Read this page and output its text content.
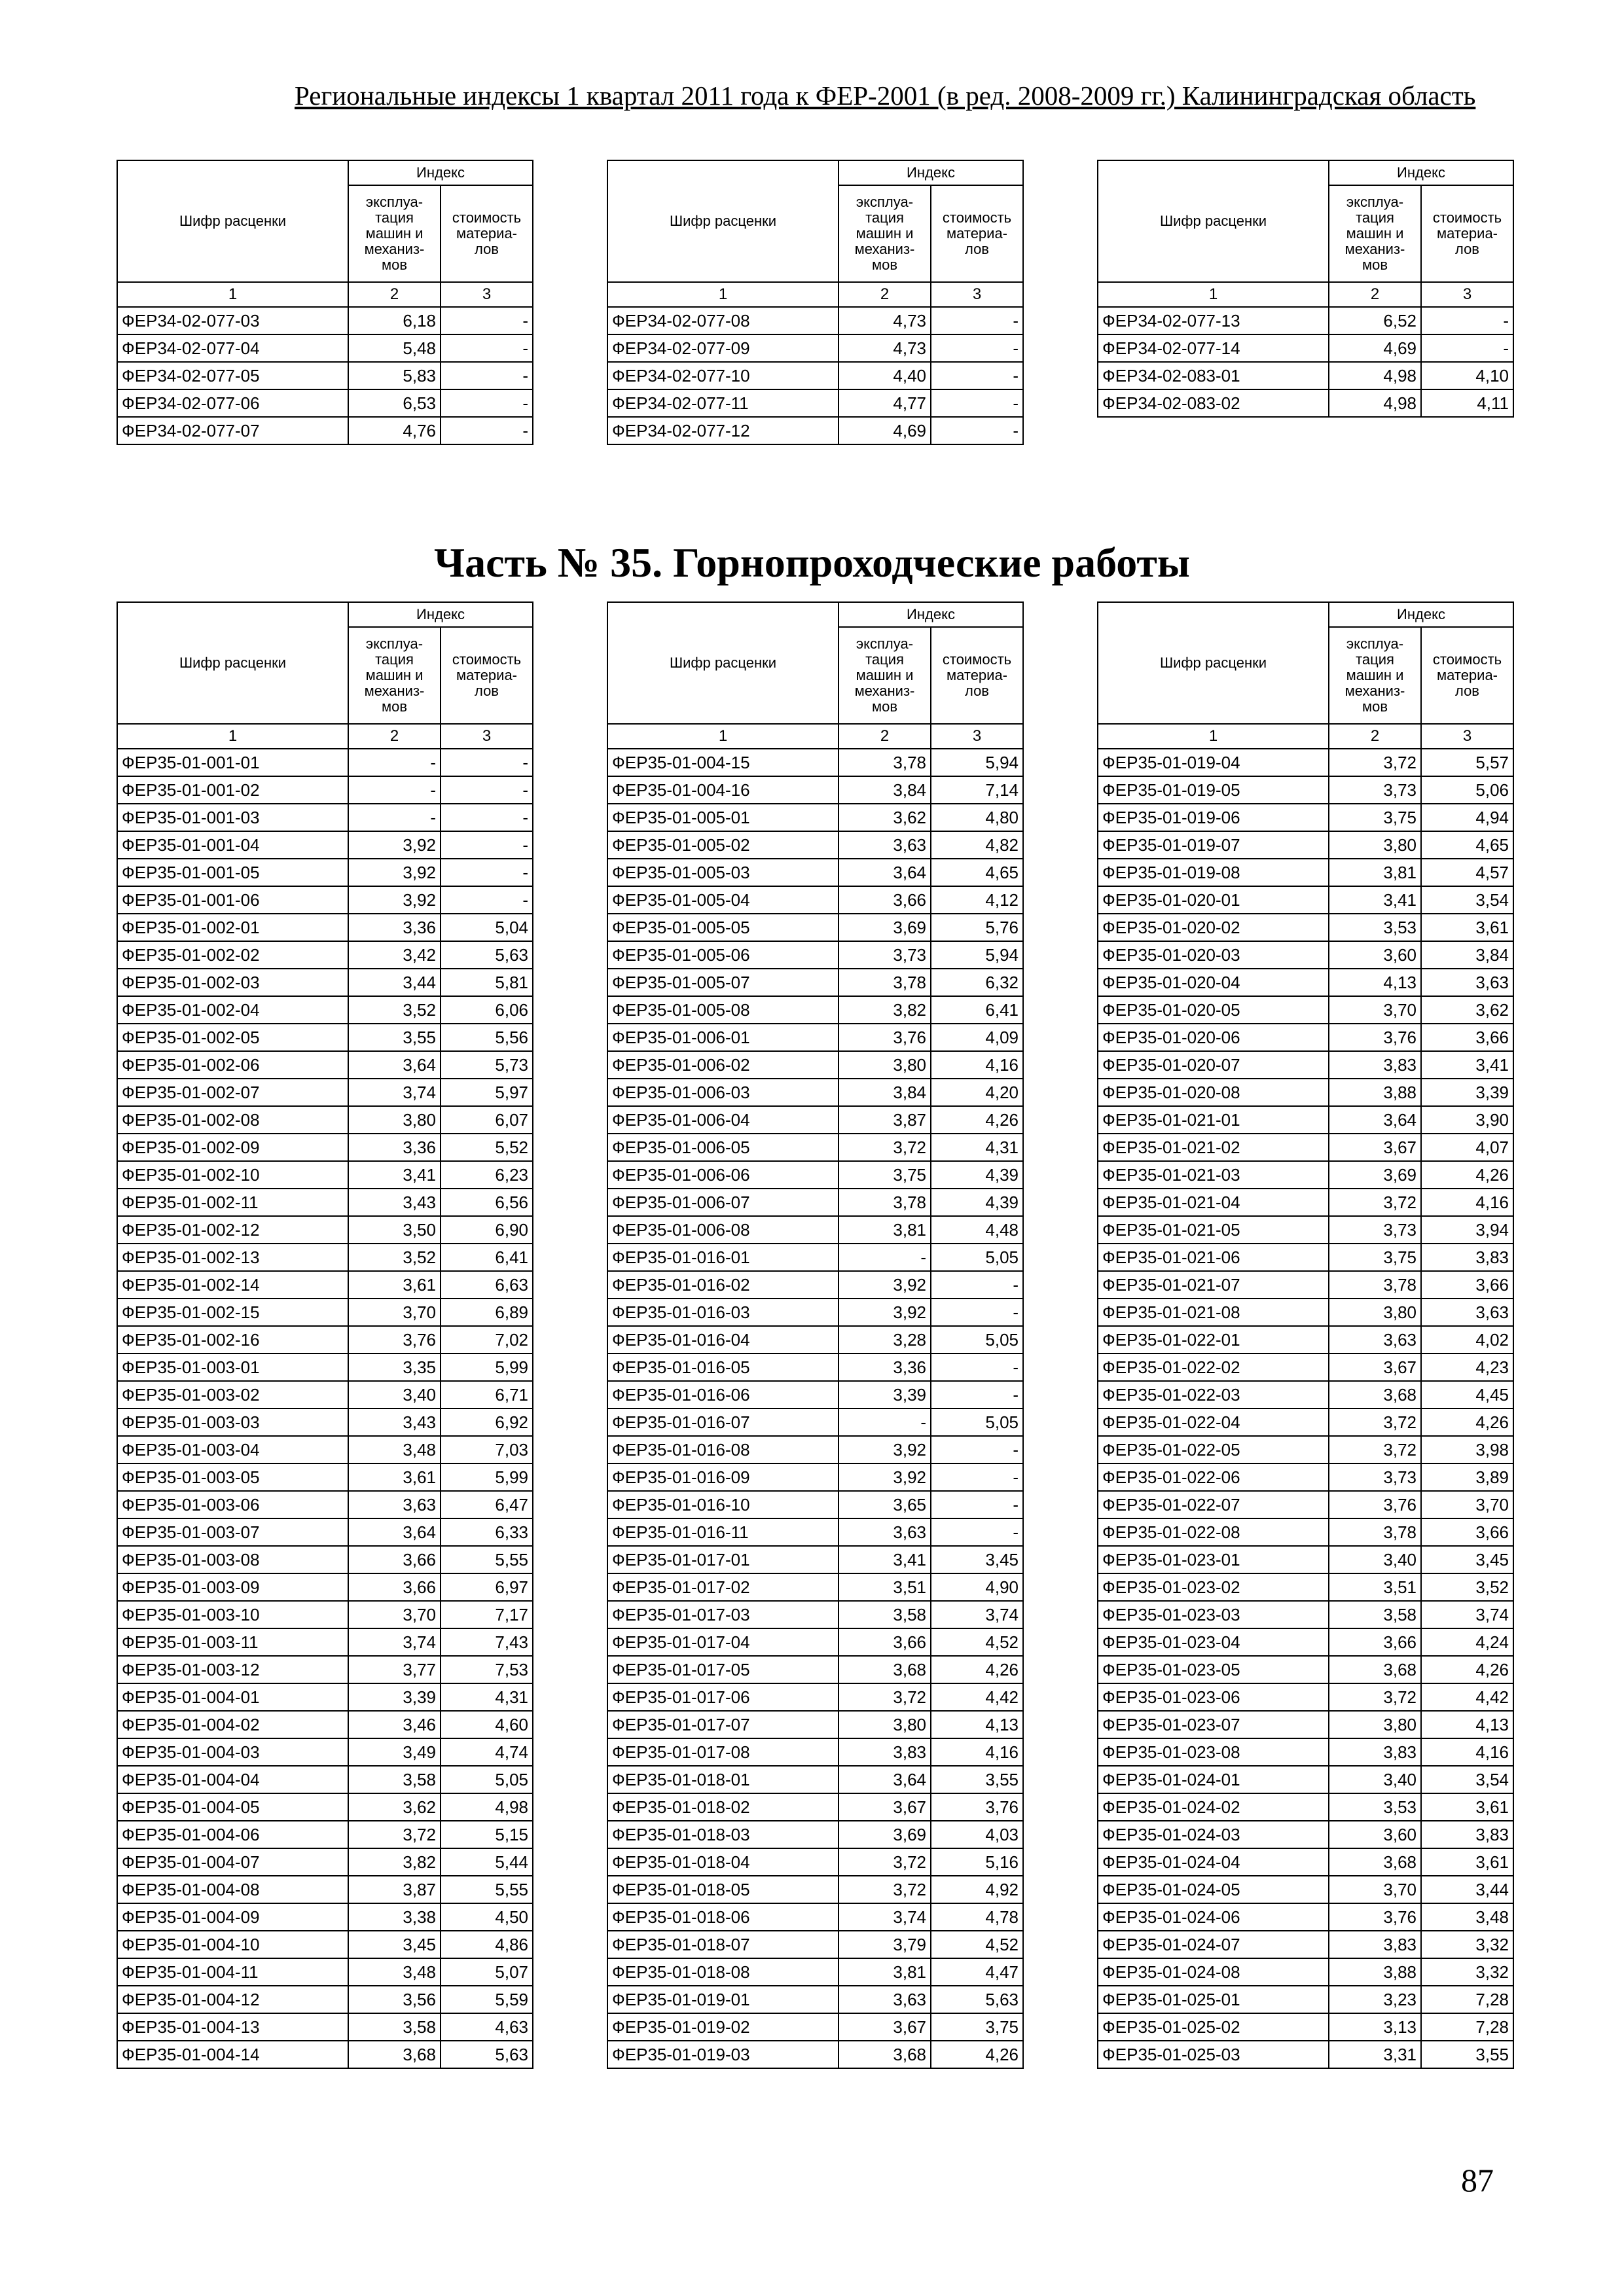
Региональные индексы 1 квартал 2011 года к ФЕР-2001 (в ред. 2008-2009 гг.) Калининградская область
Шифр расценки	Индекс	
	эксплуа-тация машин и механиз-мов	стоимость материа-лов
1	2	3
ФЕР34-02-077-03	6,18	-
ФЕР34-02-077-04	5,48	-
ФЕР34-02-077-05	5,83	-
ФЕР34-02-077-06	6,53	-
ФЕР34-02-077-07	4,76	-
Шифр расценки	Индекс	
	эксплуа-тация машин и механиз-мов	стоимость материа-лов
1	2	3
ФЕР34-02-077-08	4,73	-
ФЕР34-02-077-09	4,73	-
ФЕР34-02-077-10	4,40	-
ФЕР34-02-077-11	4,77	-
ФЕР34-02-077-12	4,69	-
Шифр расценки	Индекс	
	эксплуа-тация машин и механиз-мов	стоимость материа-лов
1	2	3
ФЕР34-02-077-13	6,52	-
ФЕР34-02-077-14	4,69	-
ФЕР34-02-083-01	4,98	4,10
ФЕР34-02-083-02	4,98	4,11
Часть № 35. Горнопроходческие работы
Шифр расценки	Индекс	
	эксплуа-тация машин и механиз-мов	стоимость материа-лов
1	2	3
ФЕР35-01-001-01	-	-
ФЕР35-01-001-02	-	-
ФЕР35-01-001-03	-	-
ФЕР35-01-001-04	3,92	-
ФЕР35-01-001-05	3,92	-
ФЕР35-01-001-06	3,92	-
ФЕР35-01-002-01	3,36	5,04
ФЕР35-01-002-02	3,42	5,63
ФЕР35-01-002-03	3,44	5,81
ФЕР35-01-002-04	3,52	6,06
ФЕР35-01-002-05	3,55	5,56
ФЕР35-01-002-06	3,64	5,73
ФЕР35-01-002-07	3,74	5,97
ФЕР35-01-002-08	3,80	6,07
ФЕР35-01-002-09	3,36	5,52
ФЕР35-01-002-10	3,41	6,23
ФЕР35-01-002-11	3,43	6,56
ФЕР35-01-002-12	3,50	6,90
ФЕР35-01-002-13	3,52	6,41
ФЕР35-01-002-14	3,61	6,63
ФЕР35-01-002-15	3,70	6,89
ФЕР35-01-002-16	3,76	7,02
ФЕР35-01-003-01	3,35	5,99
ФЕР35-01-003-02	3,40	6,71
ФЕР35-01-003-03	3,43	6,92
ФЕР35-01-003-04	3,48	7,03
ФЕР35-01-003-05	3,61	5,99
ФЕР35-01-003-06	3,63	6,47
ФЕР35-01-003-07	3,64	6,33
ФЕР35-01-003-08	3,66	5,55
ФЕР35-01-003-09	3,66	6,97
ФЕР35-01-003-10	3,70	7,17
ФЕР35-01-003-11	3,74	7,43
ФЕР35-01-003-12	3,77	7,53
ФЕР35-01-004-01	3,39	4,31
ФЕР35-01-004-02	3,46	4,60
ФЕР35-01-004-03	3,49	4,74
ФЕР35-01-004-04	3,58	5,05
ФЕР35-01-004-05	3,62	4,98
ФЕР35-01-004-06	3,72	5,15
ФЕР35-01-004-07	3,82	5,44
ФЕР35-01-004-08	3,87	5,55
ФЕР35-01-004-09	3,38	4,50
ФЕР35-01-004-10	3,45	4,86
ФЕР35-01-004-11	3,48	5,07
ФЕР35-01-004-12	3,56	5,59
ФЕР35-01-004-13	3,58	4,63
ФЕР35-01-004-14	3,68	5,63
Шифр расценки	Индекс	
	эксплуа-тация машин и механиз-мов	стоимость материа-лов
1	2	3
ФЕР35-01-004-15	3,78	5,94
ФЕР35-01-004-16	3,84	7,14
ФЕР35-01-005-01	3,62	4,80
ФЕР35-01-005-02	3,63	4,82
ФЕР35-01-005-03	3,64	4,65
ФЕР35-01-005-04	3,66	4,12
ФЕР35-01-005-05	3,69	5,76
ФЕР35-01-005-06	3,73	5,94
ФЕР35-01-005-07	3,78	6,32
ФЕР35-01-005-08	3,82	6,41
ФЕР35-01-006-01	3,76	4,09
ФЕР35-01-006-02	3,80	4,16
ФЕР35-01-006-03	3,84	4,20
ФЕР35-01-006-04	3,87	4,26
ФЕР35-01-006-05	3,72	4,31
ФЕР35-01-006-06	3,75	4,39
ФЕР35-01-006-07	3,78	4,39
ФЕР35-01-006-08	3,81	4,48
ФЕР35-01-016-01	-	5,05
ФЕР35-01-016-02	3,92	-
ФЕР35-01-016-03	3,92	-
ФЕР35-01-016-04	3,28	5,05
ФЕР35-01-016-05	3,36	-
ФЕР35-01-016-06	3,39	-
ФЕР35-01-016-07	-	5,05
ФЕР35-01-016-08	3,92	-
ФЕР35-01-016-09	3,92	-
ФЕР35-01-016-10	3,65	-
ФЕР35-01-016-11	3,63	-
ФЕР35-01-017-01	3,41	3,45
ФЕР35-01-017-02	3,51	4,90
ФЕР35-01-017-03	3,58	3,74
ФЕР35-01-017-04	3,66	4,52
ФЕР35-01-017-05	3,68	4,26
ФЕР35-01-017-06	3,72	4,42
ФЕР35-01-017-07	3,80	4,13
ФЕР35-01-017-08	3,83	4,16
ФЕР35-01-018-01	3,64	3,55
ФЕР35-01-018-02	3,67	3,76
ФЕР35-01-018-03	3,69	4,03
ФЕР35-01-018-04	3,72	5,16
ФЕР35-01-018-05	3,72	4,92
ФЕР35-01-018-06	3,74	4,78
ФЕР35-01-018-07	3,79	4,52
ФЕР35-01-018-08	3,81	4,47
ФЕР35-01-019-01	3,63	5,63
ФЕР35-01-019-02	3,67	3,75
ФЕР35-01-019-03	3,68	4,26
Шифр расценки	Индекс	
	эксплуа-тация машин и механиз-мов	стоимость материа-лов
1	2	3
ФЕР35-01-019-04	3,72	5,57
ФЕР35-01-019-05	3,73	5,06
ФЕР35-01-019-06	3,75	4,94
ФЕР35-01-019-07	3,80	4,65
ФЕР35-01-019-08	3,81	4,57
ФЕР35-01-020-01	3,41	3,54
ФЕР35-01-020-02	3,53	3,61
ФЕР35-01-020-03	3,60	3,84
ФЕР35-01-020-04	4,13	3,63
ФЕР35-01-020-05	3,70	3,62
ФЕР35-01-020-06	3,76	3,66
ФЕР35-01-020-07	3,83	3,41
ФЕР35-01-020-08	3,88	3,39
ФЕР35-01-021-01	3,64	3,90
ФЕР35-01-021-02	3,67	4,07
ФЕР35-01-021-03	3,69	4,26
ФЕР35-01-021-04	3,72	4,16
ФЕР35-01-021-05	3,73	3,94
ФЕР35-01-021-06	3,75	3,83
ФЕР35-01-021-07	3,78	3,66
ФЕР35-01-021-08	3,80	3,63
ФЕР35-01-022-01	3,63	4,02
ФЕР35-01-022-02	3,67	4,23
ФЕР35-01-022-03	3,68	4,45
ФЕР35-01-022-04	3,72	4,26
ФЕР35-01-022-05	3,72	3,98
ФЕР35-01-022-06	3,73	3,89
ФЕР35-01-022-07	3,76	3,70
ФЕР35-01-022-08	3,78	3,66
ФЕР35-01-023-01	3,40	3,45
ФЕР35-01-023-02	3,51	3,52
ФЕР35-01-023-03	3,58	3,74
ФЕР35-01-023-04	3,66	4,24
ФЕР35-01-023-05	3,68	4,26
ФЕР35-01-023-06	3,72	4,42
ФЕР35-01-023-07	3,80	4,13
ФЕР35-01-023-08	3,83	4,16
ФЕР35-01-024-01	3,40	3,54
ФЕР35-01-024-02	3,53	3,61
ФЕР35-01-024-03	3,60	3,83
ФЕР35-01-024-04	3,68	3,61
ФЕР35-01-024-05	3,70	3,44
ФЕР35-01-024-06	3,76	3,48
ФЕР35-01-024-07	3,83	3,32
ФЕР35-01-024-08	3,88	3,32
ФЕР35-01-025-01	3,23	7,28
ФЕР35-01-025-02	3,13	7,28
ФЕР35-01-025-03	3,31	3,55
87
